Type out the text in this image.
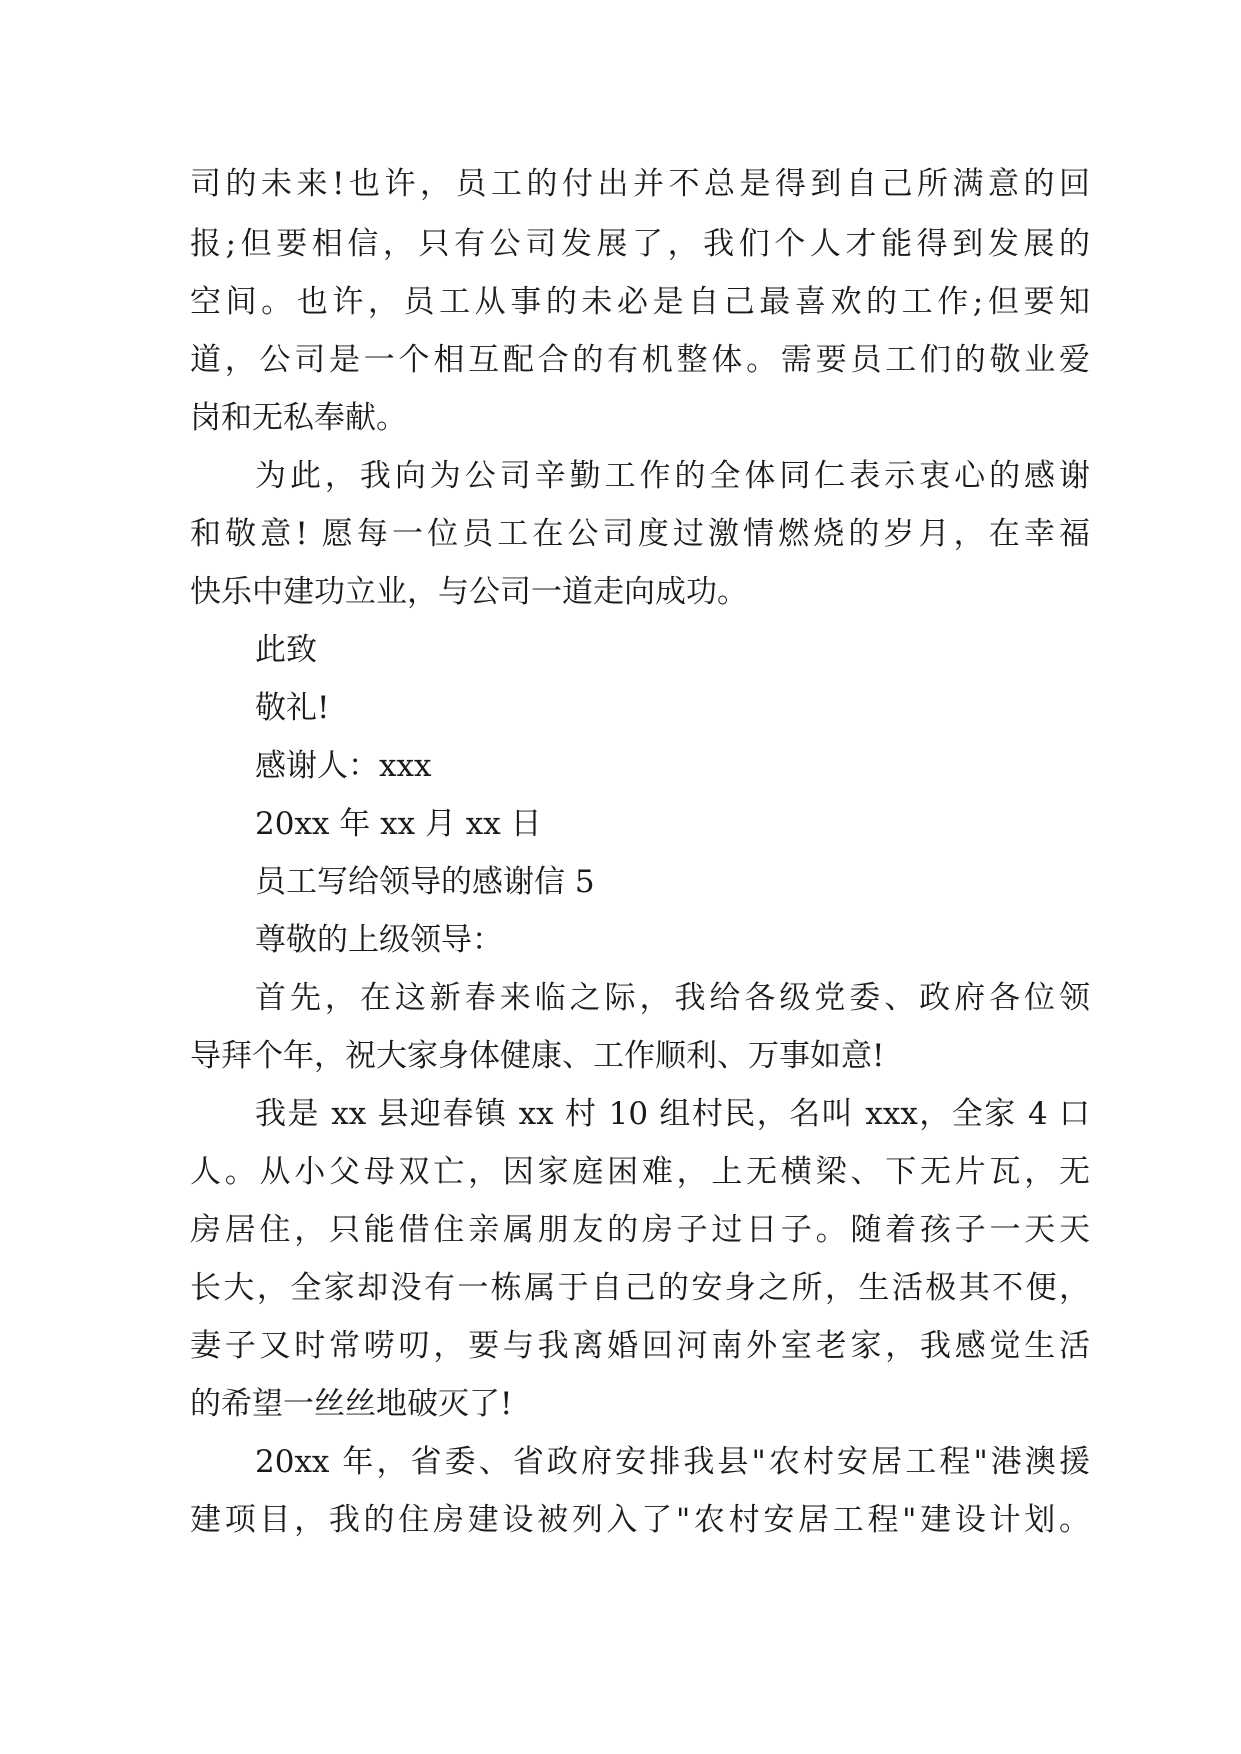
司的未来!也许，员工的付出并不总是得到自己所满意的回
报;但要相信，只有公司发展了，我们个人才能得到发展的
空间。也许，员工从事的未必是自己最喜欢的工作;但要知
道，公司是一个相互配合的有机整体。需要员工们的敬业爱
岗和无私奉献。
为此，我向为公司辛勤工作的全体同仁表示衷心的感谢
和敬意! 愿每一位员工在公司度过激情燃烧的岁月，在幸福
快乐中建功立业，与公司一道走向成功。
此致
敬礼!
感谢人：xxx
20xx 年 xx 月 xx 日
员工写给领导的感谢信 5
尊敬的上级领导：
首先，在这新春来临之际，我给各级党委、政府各位领
导拜个年，祝大家身体健康、工作顺利、万事如意!
我是 xx 县迎春镇 xx 村 10 组村民，名叫 xxx，全家 4 口
人。从小父母双亡，因家庭困难，上无横梁、下无片瓦，无
房居住，只能借住亲属朋友的房子过日子。随着孩子一天天
长大，全家却没有一栋属于自己的安身之所，生活极其不便，
妻子又时常唠叨，要与我离婚回河南外室老家，我感觉生活
的希望一丝丝地破灭了!
20xx 年，省委、省政府安排我县"农村安居工程"港澳援
建项目，我的住房建设被列入了"农村安居工程"建设计划。
